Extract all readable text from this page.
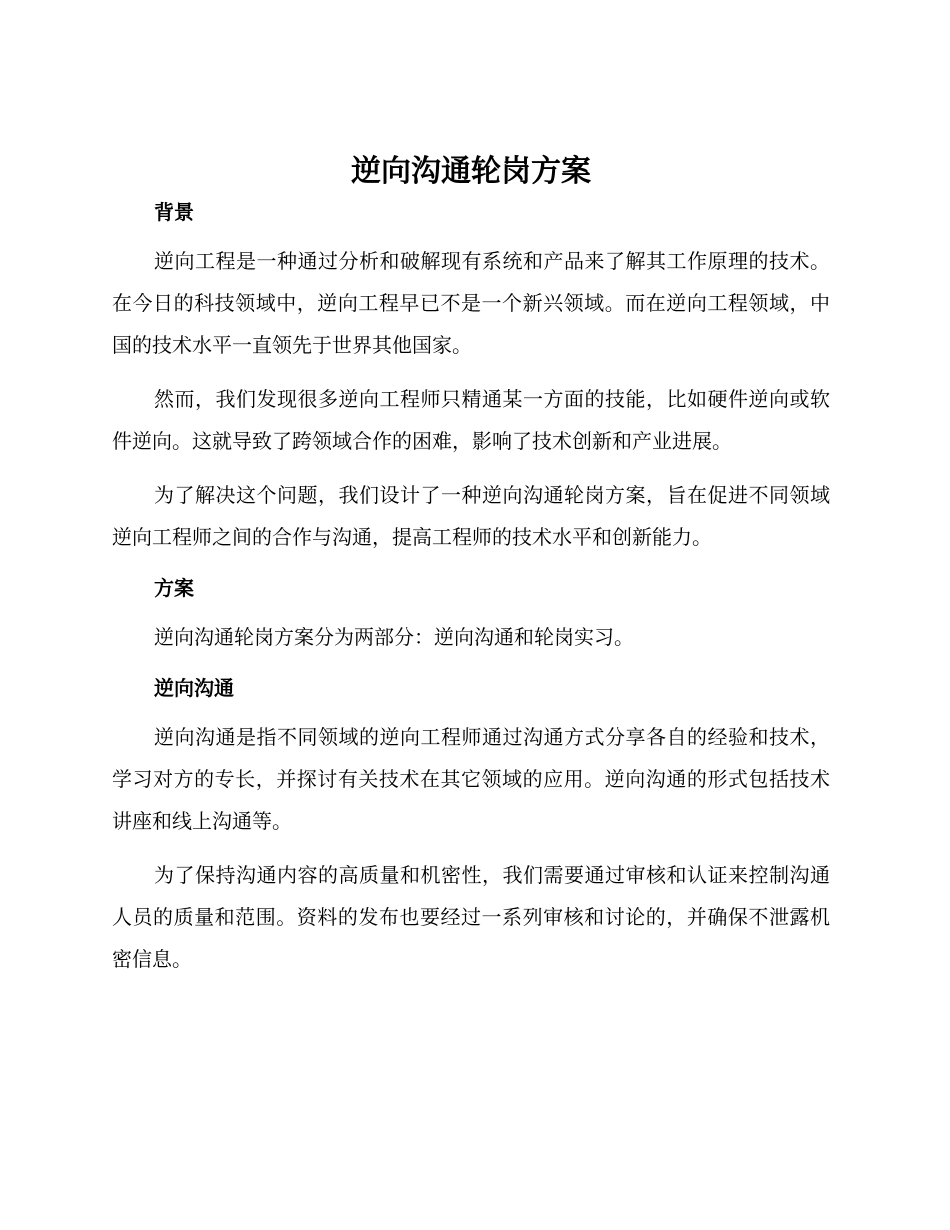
逆向沟通轮岗方案
背景

逆向工程是一种通过分析和破解现有系统和产品来了解其工作原理的技术。在今日的科技领域中，逆向工程早已不是一个新兴领域。而在逆向工程领域，中国的技术水平一直领先于世界其他国家。

然而，我们发现很多逆向工程师只精通某一方面的技能，比如硬件逆向或软件逆向。这就导致了跨领域合作的困难，影响了技术创新和产业进展。

为了解决这个问题，我们设计了一种逆向沟通轮岗方案，旨在促进不同领域逆向工程师之间的合作与沟通，提高工程师的技术水平和创新能力。

方案

逆向沟通轮岗方案分为两部分：逆向沟通和轮岗实习。

逆向沟通

逆向沟通是指不同领域的逆向工程师通过沟通方式分享各自的经验和技术，学习对方的专长，并探讨有关技术在其它领域的应用。逆向沟通的形式包括技术讲座和线上沟通等。

为了保持沟通内容的高质量和机密性，我们需要通过审核和认证来控制沟通人员的质量和范围。资料的发布也要经过一系列审核和讨论的，并确保不泄露机密信息。
